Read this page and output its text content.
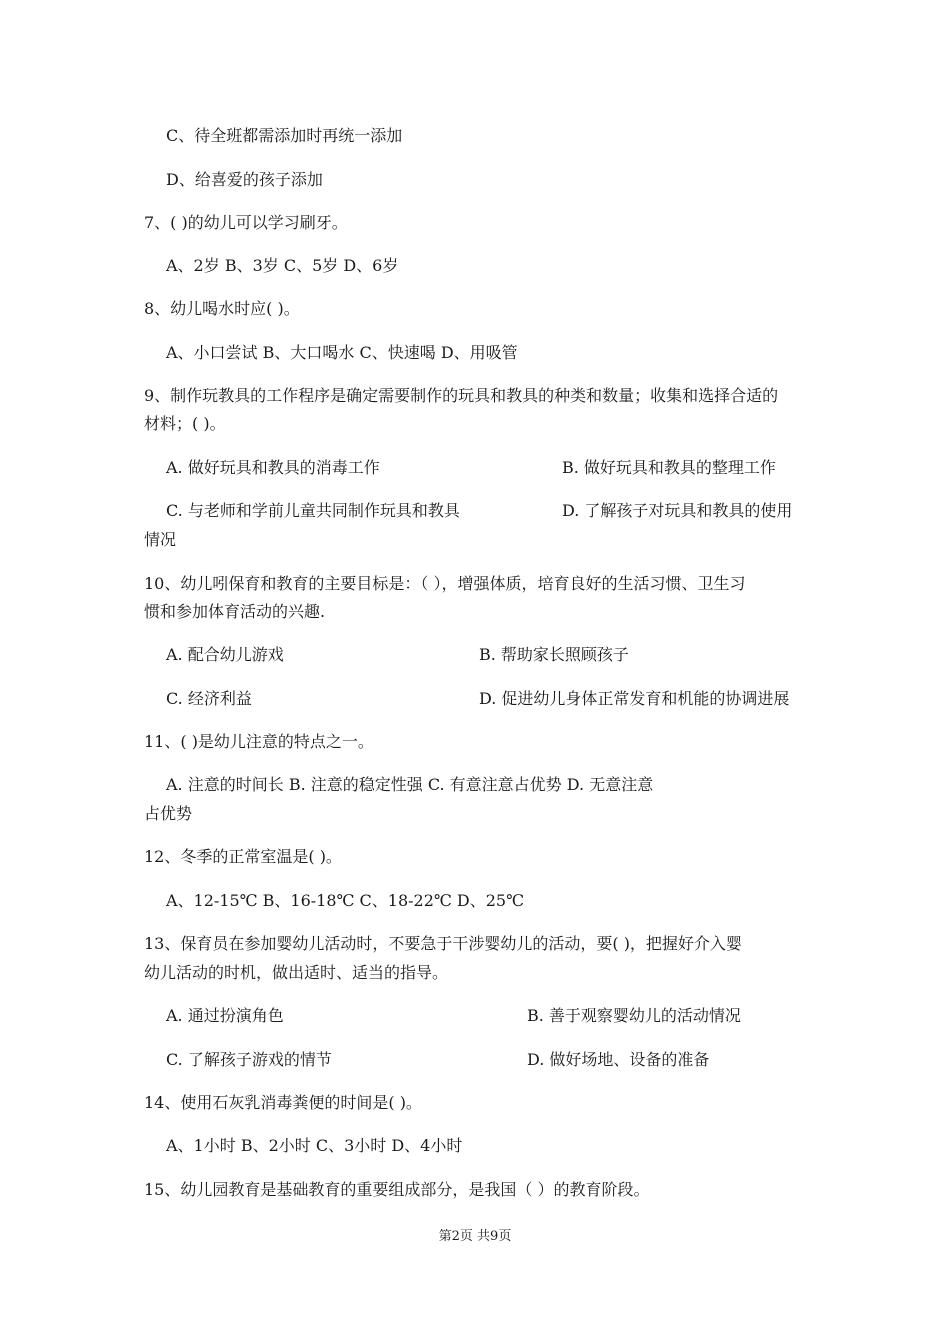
C、待全班都需添加时再统一添加
D、给喜爱的孩子添加
7、( )的幼儿可以学习刷牙。
A、2岁 B、3岁 C、5岁 D、6岁
8、幼儿喝水时应( )。
A、小口尝试 B、大口喝水 C、快速喝 D、用吸管
9、制作玩教具的工作程序是确定需要制作的玩具和教具的种类和数量；收集和选择合适的
材料；( )。
A. 做好玩具和教具的消毒工作	B. 做好玩具和教具的整理工作
C. 与老师和学前儿童共同制作玩具和教具	D. 了解孩子对玩具和教具的使用
情况
10、幼儿吲保育和教育的主要目标是：（ ），增强体质，培育良好的生活习惯、卫生习
惯和参加体育活动的兴趣.
A. 配合幼儿游戏	B. 帮助家长照顾孩子
C. 经济利益	D. 促进幼儿身体正常发育和机能的协调进展
11、( )是幼儿注意的特点之一。
A. 注意的时间长 B. 注意的稳定性强 C. 有意注意占优势 D. 无意注意
占优势
12、冬季的正常室温是( )。
A、12-15℃ B、16-18℃ C、18-22℃ D、25℃
13、保育员在参加婴幼儿活动时，不要急于干涉婴幼儿的活动，要( )，把握好介入婴
幼儿活动的时机，做出适时、适当的指导。
A. 通过扮演角色	B. 善于观察婴幼儿的活动情况
C. 了解孩子游戏的情节	D. 做好场地、设备的准备
14、使用石灰乳消毒粪便的时间是( )。
A、1小时 B、2小时 C、3小时 D、4小时
15、幼儿园教育是基础教育的重要组成部分，是我国（ ）的教育阶段。
第2页 共9页
